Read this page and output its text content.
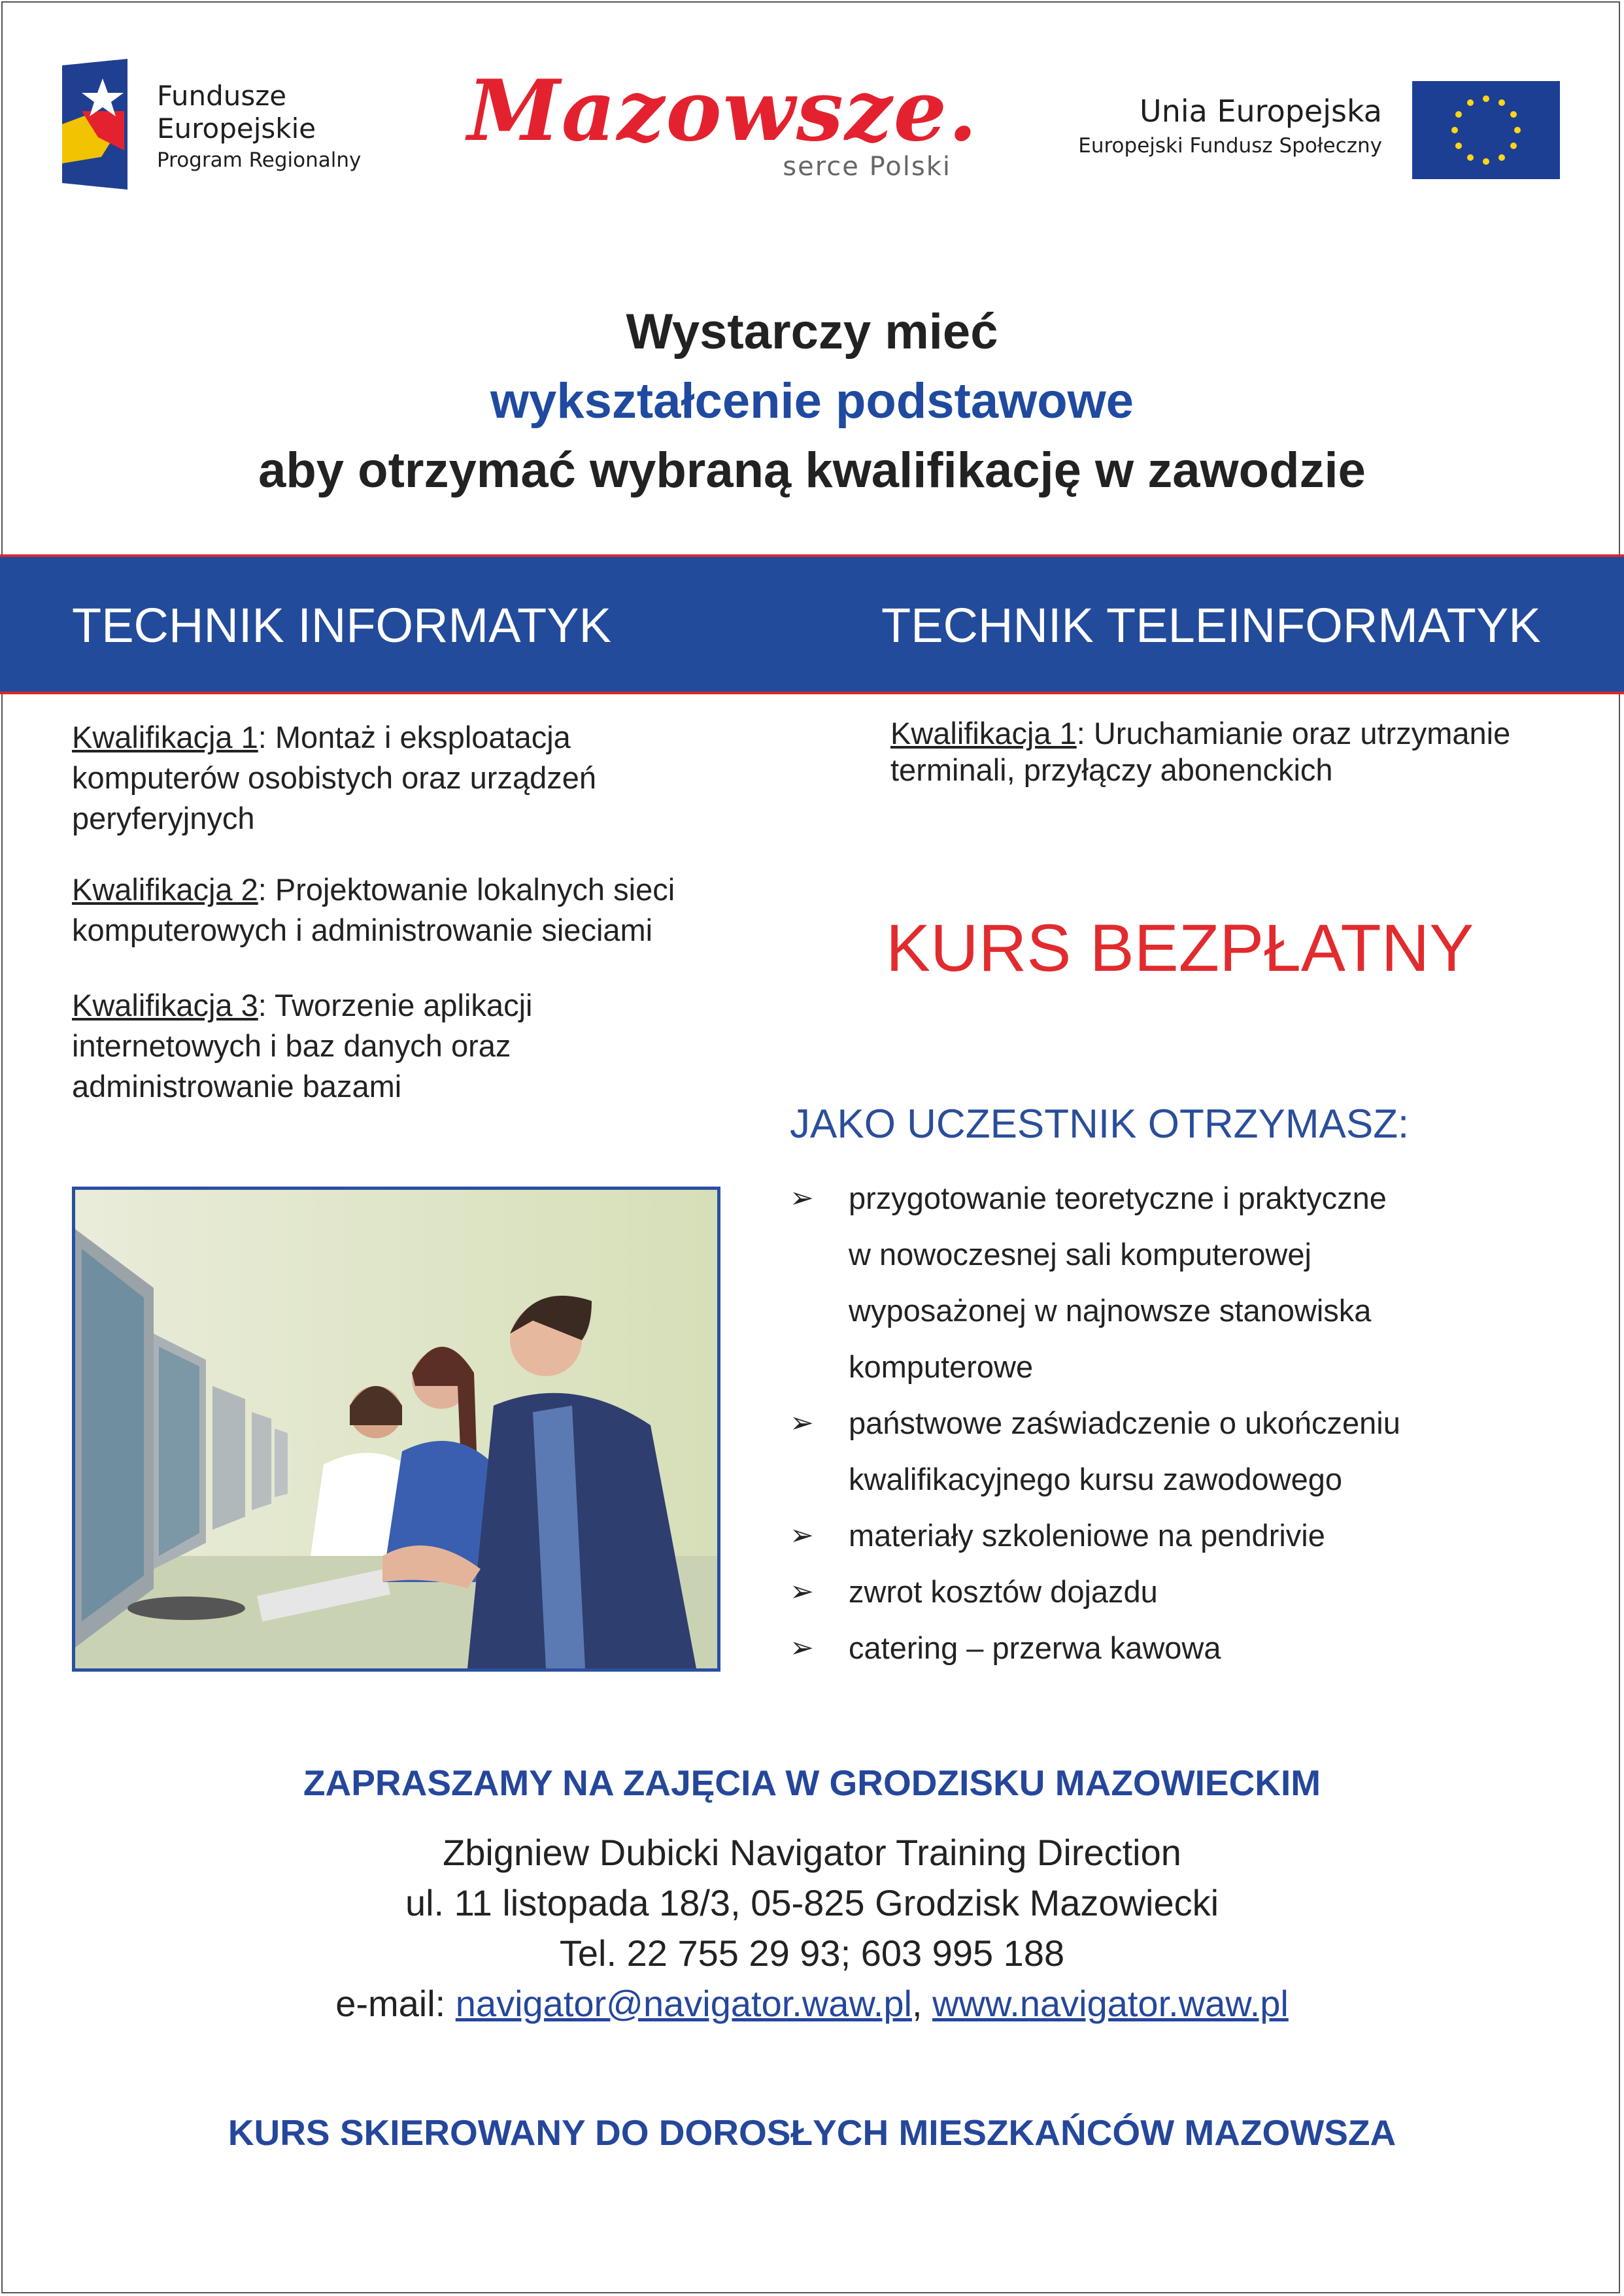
Fundusze
Europejskie
Program Regionalny Mazowsze.
serce Polski
Unia Europejska
Europejski Fundusz Społeczny
Wystarczy mieć
wykształcenie podstawowe
aby otrzymać wybraną kwalifikację w zawodzie
TECHNIK INFORMATYK	TECHNIK TELEINFORMATYK
Kwalifikacja 1: Montaż i eksploatacja
komputerów osobistych oraz urządzeń
peryferyjnych
Kwalifikacja 2: Projektowanie lokalnych sieci
komputerowych i administrowanie sieciami
Kwalifikacja 3: Tworzenie aplikacji
internetowych i baz danych oraz
administrowanie bazami
Kwalifikacja 1: Uruchamianie oraz utrzymanie
terminali, przyłączy abonenckich
KURS BEZPŁATNY
JAKO UCZESTNIK OTRZYMASZ:
➢ przygotowanie teoretyczne i praktyczne
w nowoczesnej sali komputerowej
wyposażonej w najnowsze stanowiska
komputerowe
➢ państwowe zaświadczenie o ukończeniu
kwalifikacyjnego kursu zawodowego
➢ materiały szkoleniowe na pendrivie
➢ zwrot kosztów dojazdu
➢ catering – przerwa kawowa
ZAPRASZAMY NA ZAJĘCIA W GRODZISKU MAZOWIECKIM
Zbigniew Dubicki Navigator Training Direction
ul. 11 listopada 18/3, 05-825 Grodzisk Mazowiecki
Tel. 22 755 29 93; 603 995 188
e-mail: navigator@navigator.waw.pl, www.navigator.waw.pl
KURS SKIEROWANY DO DOROSŁYCH MIESZKAŃCÓW MAZOWSZA
